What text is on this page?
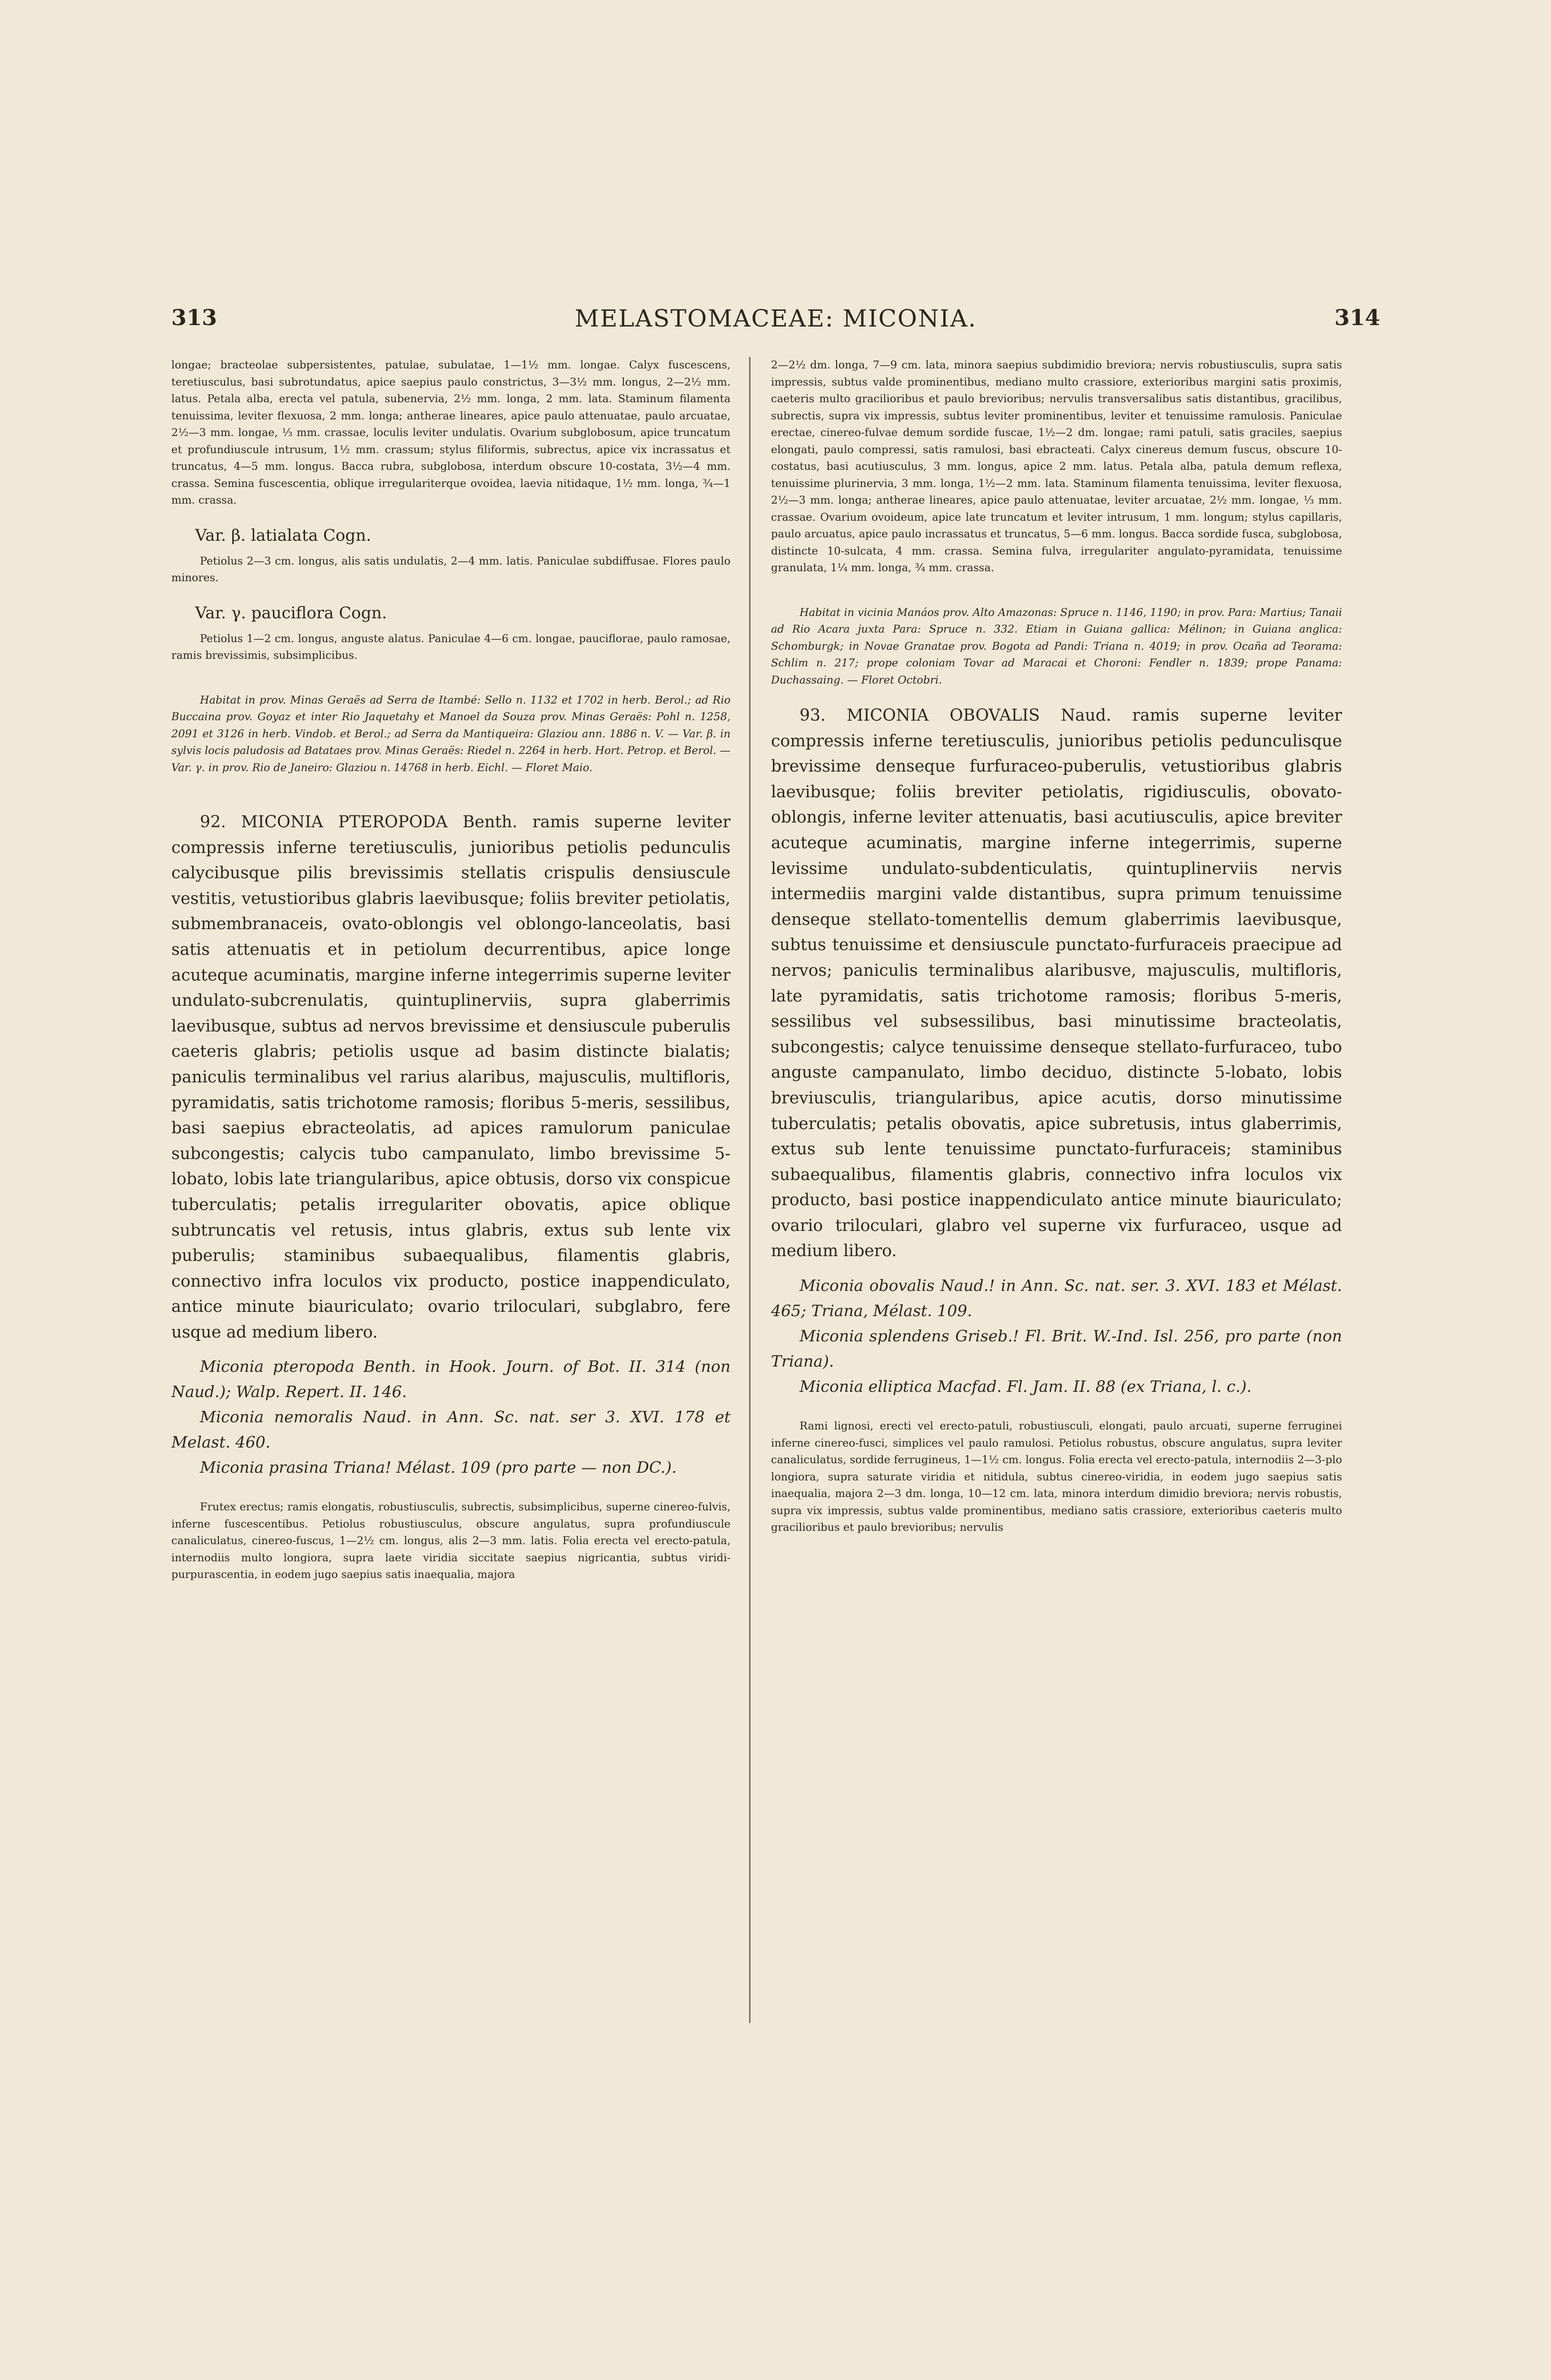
313	MELASTOMACEAE: MICONIA.	314

longae; bracteolae subpersistentes, patulae, subulatae, 1—1½ mm. longae. Calyx fuscescens, teretiusculus, basi subrotundatus, apice saepius paulo constrictus, 3—3½ mm. longus, 2—2½ mm. latus. Petala alba, erecta vel patula, subenervia, 2½ mm. longa, 2 mm. lata. Staminum filamenta tenuissima, leviter flexuosa, 2 mm. longa; antherae lineares, apice paulo attenuatae, paulo arcuatae, 2½—3 mm. longae, ⅓ mm. crassae, loculis leviter undulatis. Ovarium subglobosum, apice truncatum et profundiuscule intrusum, 1½ mm. crassum; stylus filiformis, subrectus, apice vix incrassatus et truncatus, 4—5 mm. longus. Bacca rubra, subglobosa, interdum obscure 10-costata, 3½—4 mm. crassa. Semina fuscescentia, oblique irregulariterque ovoidea, laevia nitidaque, 1½ mm. longa, ¾—1 mm. crassa.

Var. β. latialata Cogn.

Petiolus 2—3 cm. longus, alis satis undulatis, 2—4 mm. latis. Paniculae subdiffusae. Flores paulo minores.

Var. γ. pauciflora Cogn.

Petiolus 1—2 cm. longus, anguste alatus. Paniculae 4—6 cm. longae, pauciflorae, paulo ramosae, ramis brevissimis, subsimplicibus.

Habitat in prov. Minas Geraës ad Serra de Itambé: Sello n. 1132 et 1702 in herb. Berol.; ad Rio Buccaina prov. Goyaz et inter Rio Jaquetahy et Manoel da Souza prov. Minas Geraës: Pohl n. 1258, 2091 et 3126 in herb. Vindob. et Berol.; ad Serra da Mantiqueira: Glaziou ann. 1886 n. V. — Var. β. in sylvis locis paludosis ad Batataes prov. Minas Geraës: Riedel n. 2264 in herb. Hort. Petrop. et Berol. — Var. γ. in prov. Rio de Janeiro: Glaziou n. 14768 in herb. Eichl. — Floret Maio.

92. MICONIA PTEROPODA Benth. ramis superne leviter compressis inferne teretiusculis, junioribus petiolis pedunculis calycibusque pilis brevissimis stellatis crispulis densiuscule vestitis, vetustioribus glabris laevibusque; foliis breviter petiolatis, submembranaceis, ovato-oblongis vel oblongo-lanceolatis, basi satis attenuatis et in petiolum decurrentibus, apice longe acuteque acuminatis, margine inferne integerrimis superne leviter undulato-subcrenulatis, quintuplinerviis, supra glaberrimis laevibusque, subtus ad nervos brevissime et densiuscule puberulis caeteris glabris; petiolis usque ad basim distincte bialatis; paniculis terminalibus vel rarius alaribus, majusculis, multifloris, pyramidatis, satis trichotome ramosis; floribus 5-meris, sessilibus, basi saepius ebracteolatis, ad apices ramulorum paniculae subcongestis; calycis tubo campanulato, limbo brevissime 5-lobato, lobis late triangularibus, apice obtusis, dorso vix conspicue tuberculatis; petalis irregulariter obovatis, apice oblique subtruncatis vel retusis, intus glabris, extus sub lente vix puberulis; staminibus subaequalibus, filamentis glabris, connectivo infra loculos vix producto, postice inappendiculato, antice minute biauriculato; ovario triloculari, subglabro, fere usque ad medium libero.

Miconia pteropoda Benth. in Hook. Journ. of Bot. II. 314 (non Naud.); Walp. Repert. II. 146.

Miconia nemoralis Naud. in Ann. Sc. nat. ser 3. XVI. 178 et Melast. 460.

Miconia prasina Triana! Mélast. 109 (pro parte — non DC.).

Frutex erectus; ramis elongatis, robustiusculis, subrectis, subsimplicibus, superne cinereo-fulvis, inferne fuscescentibus. Petiolus robustiusculus, obscure angulatus, supra profundiuscule canaliculatus, cinereo-fuscus, 1—2½ cm. longus, alis 2—3 mm. latis. Folia erecta vel erecto-patula, internodiis multo longiora, supra laete viridia siccitate saepius nigricantia, subtus viridi-purpurascentia, in eodem jugo saepius satis inaequalia, majora

2—2½ dm. longa, 7—9 cm. lata, minora saepius subdimidio breviora; nervis robustiusculis, supra satis impressis, subtus valde prominentibus, mediano multo crassiore, exterioribus margini satis proximis, caeteris multo gracilioribus et paulo brevioribus; nervulis transversalibus satis distantibus, gracilibus, subrectis, supra vix impressis, subtus leviter prominentibus, leviter et tenuissime ramulosis. Paniculae erectae, cinereo-fulvae demum sordide fuscae, 1½—2 dm. longae; rami patuli, satis graciles, saepius elongati, paulo compressi, satis ramulosi, basi ebracteati. Calyx cinereus demum fuscus, obscure 10-costatus, basi acutiusculus, 3 mm. longus, apice 2 mm. latus. Petala alba, patula demum reflexa, tenuissime plurinervia, 3 mm. longa, 1½—2 mm. lata. Staminum filamenta tenuissima, leviter flexuosa, 2½—3 mm. longa; antherae lineares, apice paulo attenuatae, leviter arcuatae, 2½ mm. longae, ⅓ mm. crassae. Ovarium ovoideum, apice late truncatum et leviter intrusum, 1 mm. longum; stylus capillaris, paulo arcuatus, apice paulo incrassatus et truncatus, 5—6 mm. longus. Bacca sordide fusca, subglobosa, distincte 10-sulcata, 4 mm. crassa. Semina fulva, irregulariter angulato-pyramidata, tenuissime granulata, 1¼ mm. longa, ¾ mm. crassa.

Habitat in vicinia Manáos prov. Alto Amazonas: Spruce n. 1146, 1190; in prov. Para: Martius; Tanaii ad Rio Acara juxta Para: Spruce n. 332. Etiam in Guiana gallica: Mélinon; in Guiana anglica: Schomburgk; in Novae Granatae prov. Bogota ad Pandi: Triana n. 4019; in prov. Ocaña ad Teorama: Schlim n. 217; prope coloniam Tovar ad Maracai et Choroni: Fendler n. 1839; prope Panama: Duchassaing. — Floret Octobri.

93. MICONIA OBOVALIS Naud. ramis superne leviter compressis inferne teretiusculis, junioribus petiolis pedunculisque brevissime denseque furfuraceo-puberulis, vetustioribus glabris laevibusque; foliis breviter petiolatis, rigidiusculis, obovato-oblongis, inferne leviter attenuatis, basi acutiusculis, apice breviter acuteque acuminatis, margine inferne integerrimis, superne levissime undulato-subdenticulatis, quintuplinerviis nervis intermediis margini valde distantibus, supra primum tenuissime denseque stellato-tomentellis demum glaberrimis laevibusque, subtus tenuissime et densiuscule punctato-furfuraceis praecipue ad nervos; paniculis terminalibus alaribusve, majusculis, multifloris, late pyramidatis, satis trichotome ramosis; floribus 5-meris, sessilibus vel subsessilibus, basi minutissime bracteolatis, subcongestis; calyce tenuissime denseque stellato-furfuraceo, tubo anguste campanulato, limbo deciduo, distincte 5-lobato, lobis breviusculis, triangularibus, apice acutis, dorso minutissime tuberculatis; petalis obovatis, apice subretusis, intus glaberrimis, extus sub lente tenuissime punctato-furfuraceis; staminibus subaequalibus, filamentis glabris, connectivo infra loculos vix producto, basi postice inappendiculato antice minute biauriculato; ovario triloculari, glabro vel superne vix furfuraceo, usque ad medium libero.

Miconia obovalis Naud.! in Ann. Sc. nat. ser. 3. XVI. 183 et Mélast. 465; Triana, Mélast. 109.

Miconia splendens Griseb.! Fl. Brit. W.-Ind. Isl. 256, pro parte (non Triana).

Miconia elliptica Macfad. Fl. Jam. II. 88 (ex Triana, l. c.).

Rami lignosi, erecti vel erecto-patuli, robustiusculi, elongati, paulo arcuati, superne ferruginei inferne cinereo-fusci, simplices vel paulo ramulosi. Petiolus robustus, obscure angulatus, supra leviter canaliculatus, sordide ferrugineus, 1—1½ cm. longus. Folia erecta vel erecto-patula, internodiis 2—3-plo longiora, supra saturate viridia et nitidula, subtus cinereo-viridia, in eodem jugo saepius satis inaequalia, majora 2—3 dm. longa, 10—12 cm. lata, minora interdum dimidio breviora; nervis robustis, supra vix impressis, subtus valde prominentibus, mediano satis crassiore, exterioribus caeteris multo gracilioribus et paulo brevioribus; nervulis
